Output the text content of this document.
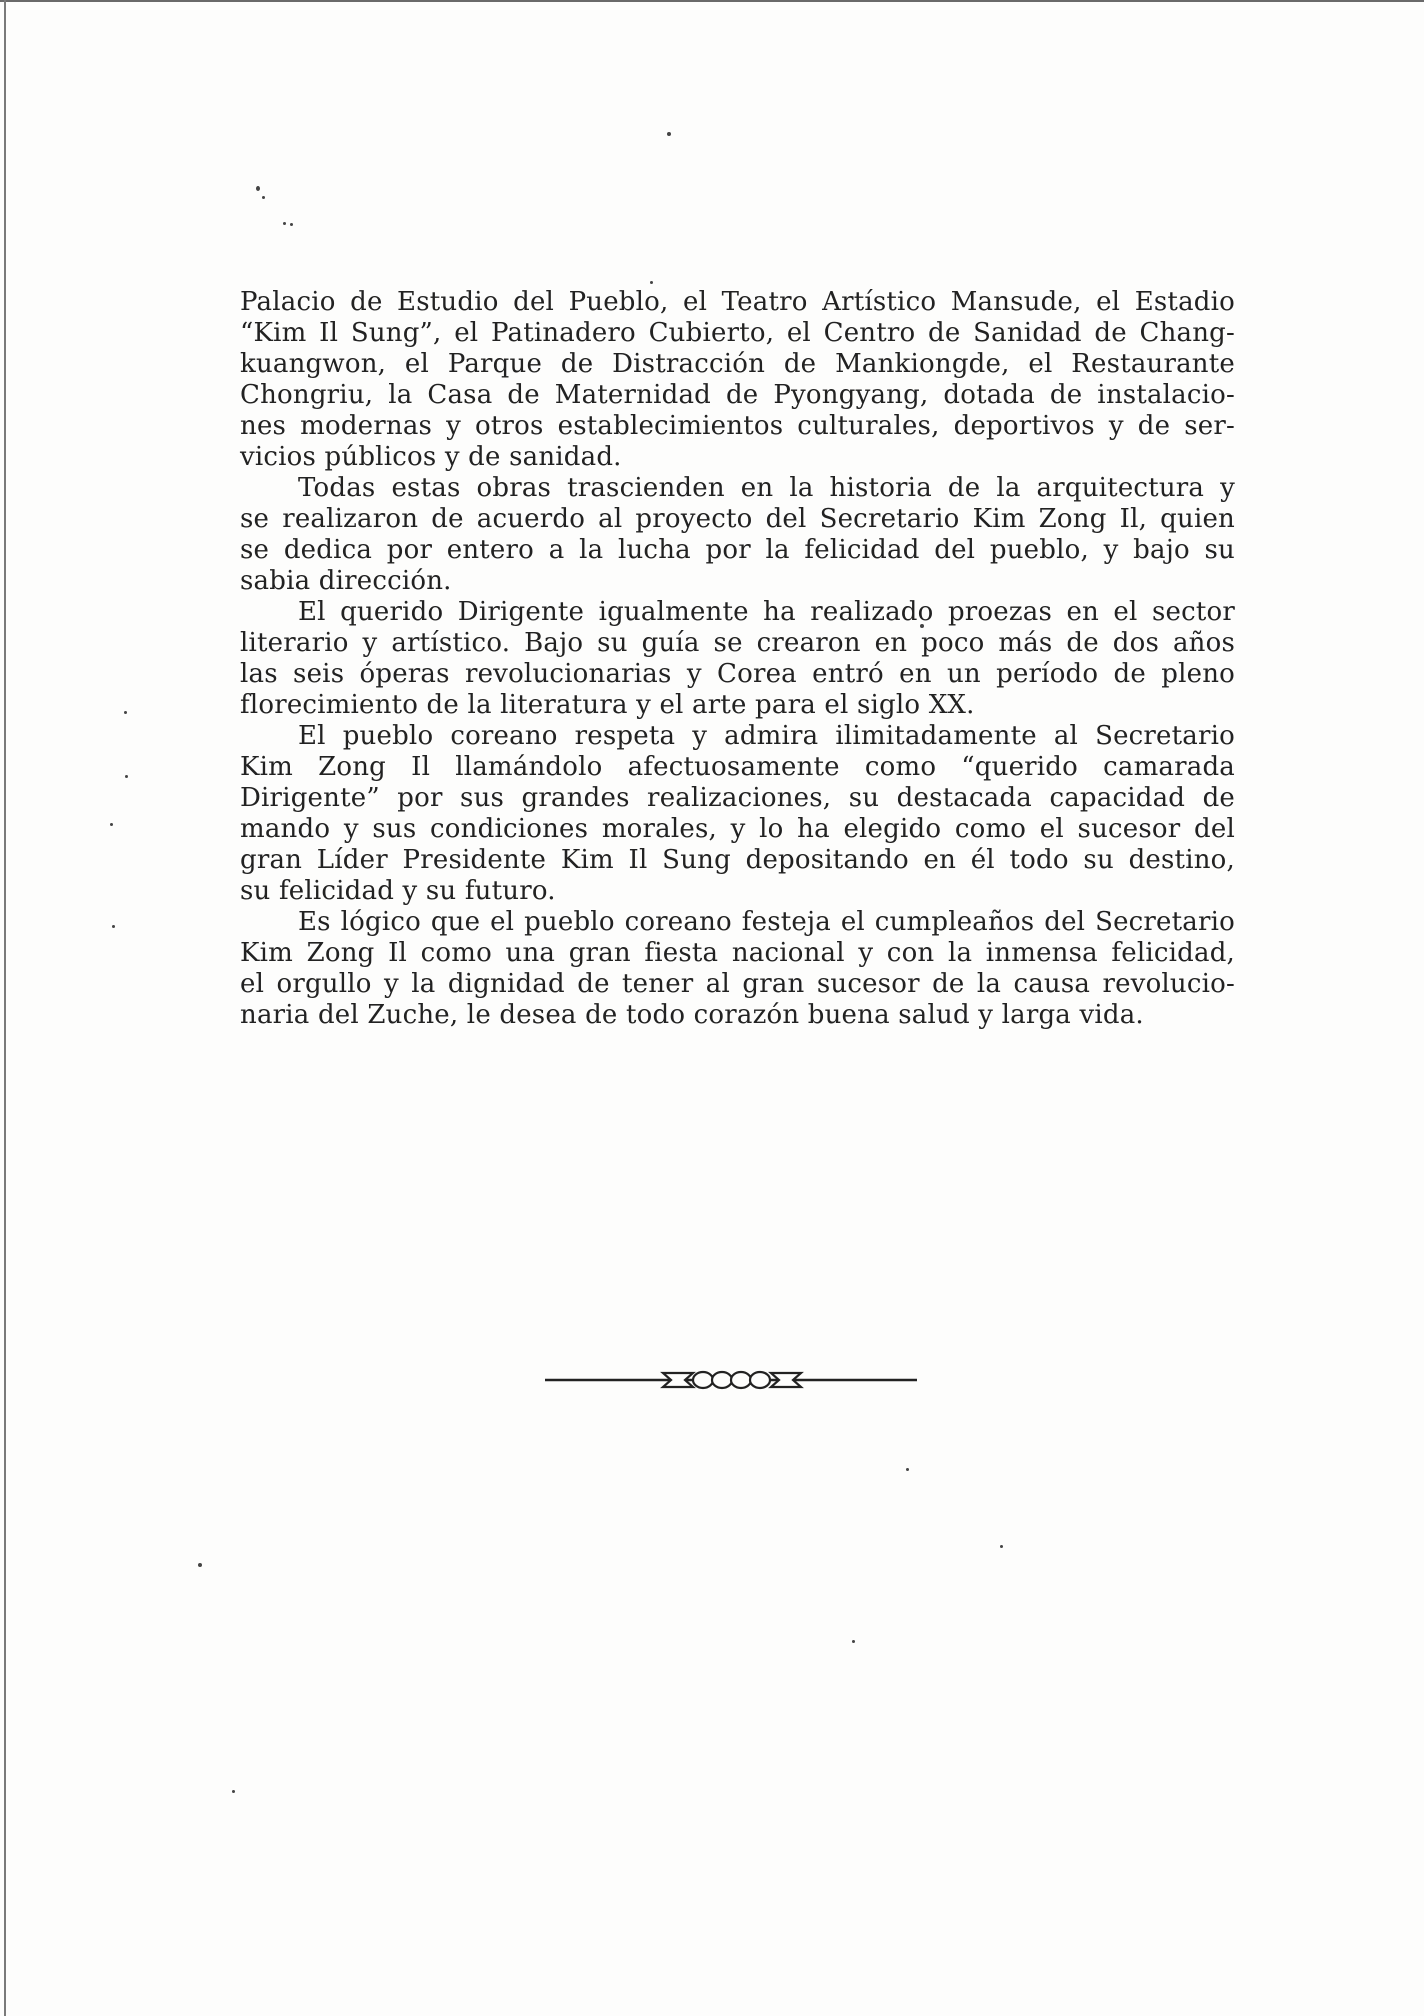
Palacio de Estudio del Pueblo, el Teatro Artístico Mansude, el Estadio
“Kim Il Sung”, el Patinadero Cubierto, el Centro de Sanidad de Chang-
kuangwon, el Parque de Distracción de Mankiongde, el Restaurante
Chongriu, la Casa de Maternidad de Pyongyang, dotada de instalacio-
nes modernas y otros establecimientos culturales, deportivos y de ser-
vicios públicos y de sanidad.

Todas estas obras trascienden en la historia de la arquitectura y
se realizaron de acuerdo al proyecto del Secretario Kim Zong Il, quien
se dedica por entero a la lucha por la felicidad del pueblo, y bajo su
sabia dirección.

El querido Dirigente igualmente ha realizado proezas en el sector
literario y artístico. Bajo su guía se crearon en poco más de dos años
las seis óperas revolucionarias y Corea entró en un período de pleno
florecimiento de la literatura y el arte para el siglo XX.

El pueblo coreano respeta y admira ilimitadamente al Secretario
Kim Zong Il llamándolo afectuosamente como “querido camarada
Dirigente” por sus grandes realizaciones, su destacada capacidad de
mando y sus condiciones morales, y lo ha elegido como el sucesor del
gran Líder Presidente Kim Il Sung depositando en él todo su destino,
su felicidad y su futuro.

Es lógico que el pueblo coreano festeja el cumpleaños del Secretario
Kim Zong Il como una gran fiesta nacional y con la inmensa felicidad,
el orgullo y la dignidad de tener al gran sucesor de la causa revolucio-
naria del Zuche, le desea de todo corazón buena salud y larga vida.
